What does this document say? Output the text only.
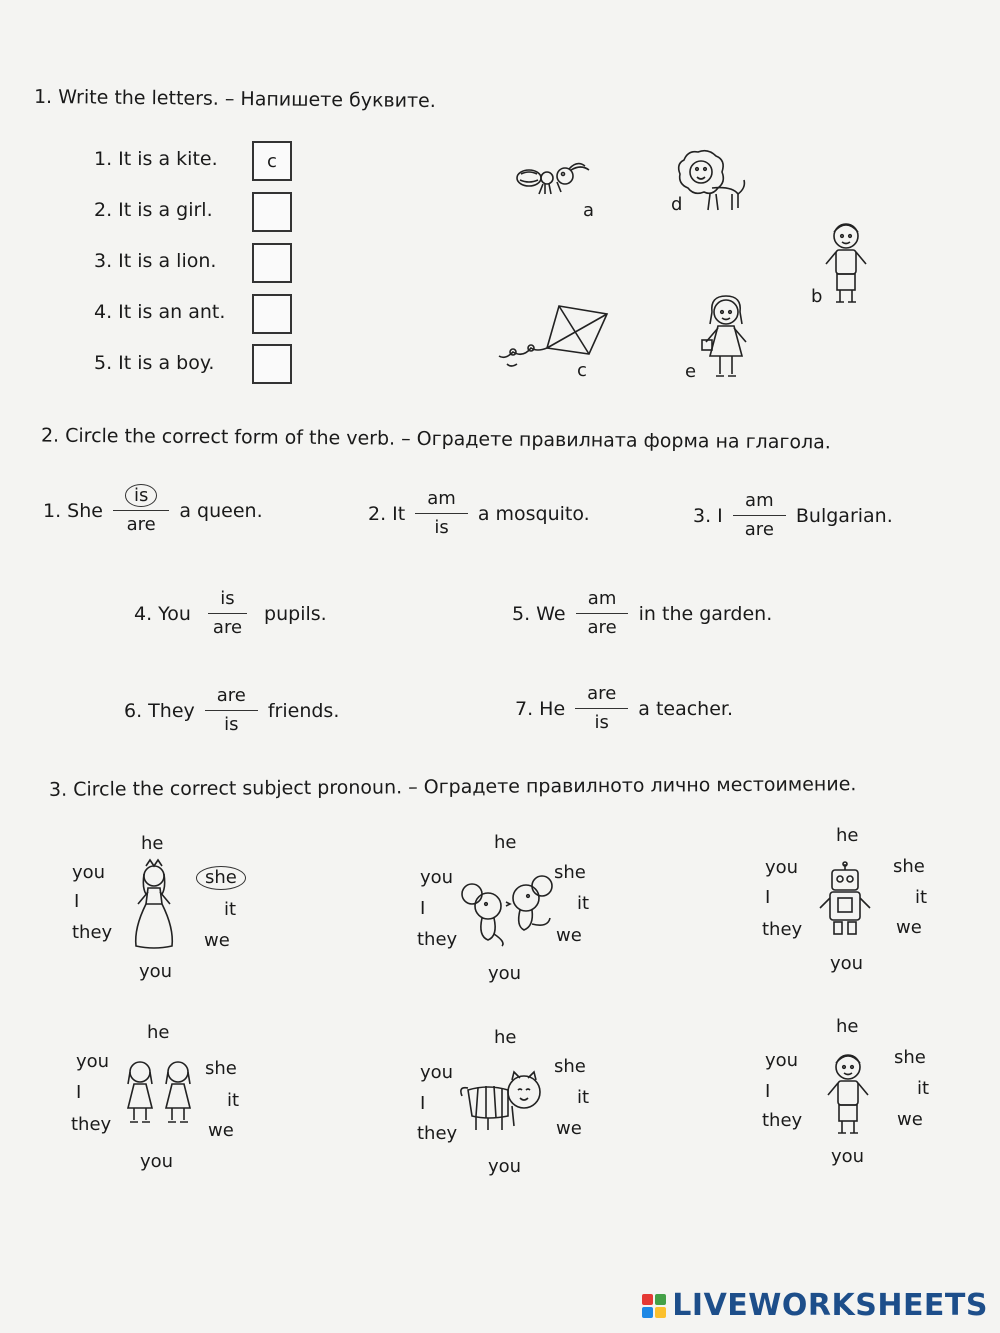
1. Write the letters. – Напишете буквите.
1. It is a kite.	c
2. It is a girl.
3. It is a lion.
4. It is an ant.
5. It is a boy.
a	d
b
c	e
2. Circle the correct form of the verb. – Оградете правилната форма на глагола.
1. She $\frac{is}{\text{are}}$ a queen.	2. It $\frac{am}{is}$ a mosquito.	3. I $\frac{am}{\text{are}}$ Bulgarian.
4. You $\frac{is}{\text{are}}$ pupils.	5. We $\frac{am}{\text{are}}$ in the garden.
6. They $\frac{\text{are}}{is}$ friends.	7. He $\frac{\text{are}}{is}$ a teacher.
3. Circle the correct subject pronoun. – Оградете правилното лично местоимение.
he
you
I
they
you
she
it
we
he
you
I
they
you
she
it
we
he
you
I
they
you
she
it
we
he
you
I
they
you
she
it
we
he
you
I
they
you
she
it
we
he
you
I
they
you
she
it
we
LIVEWORKSHEETS
